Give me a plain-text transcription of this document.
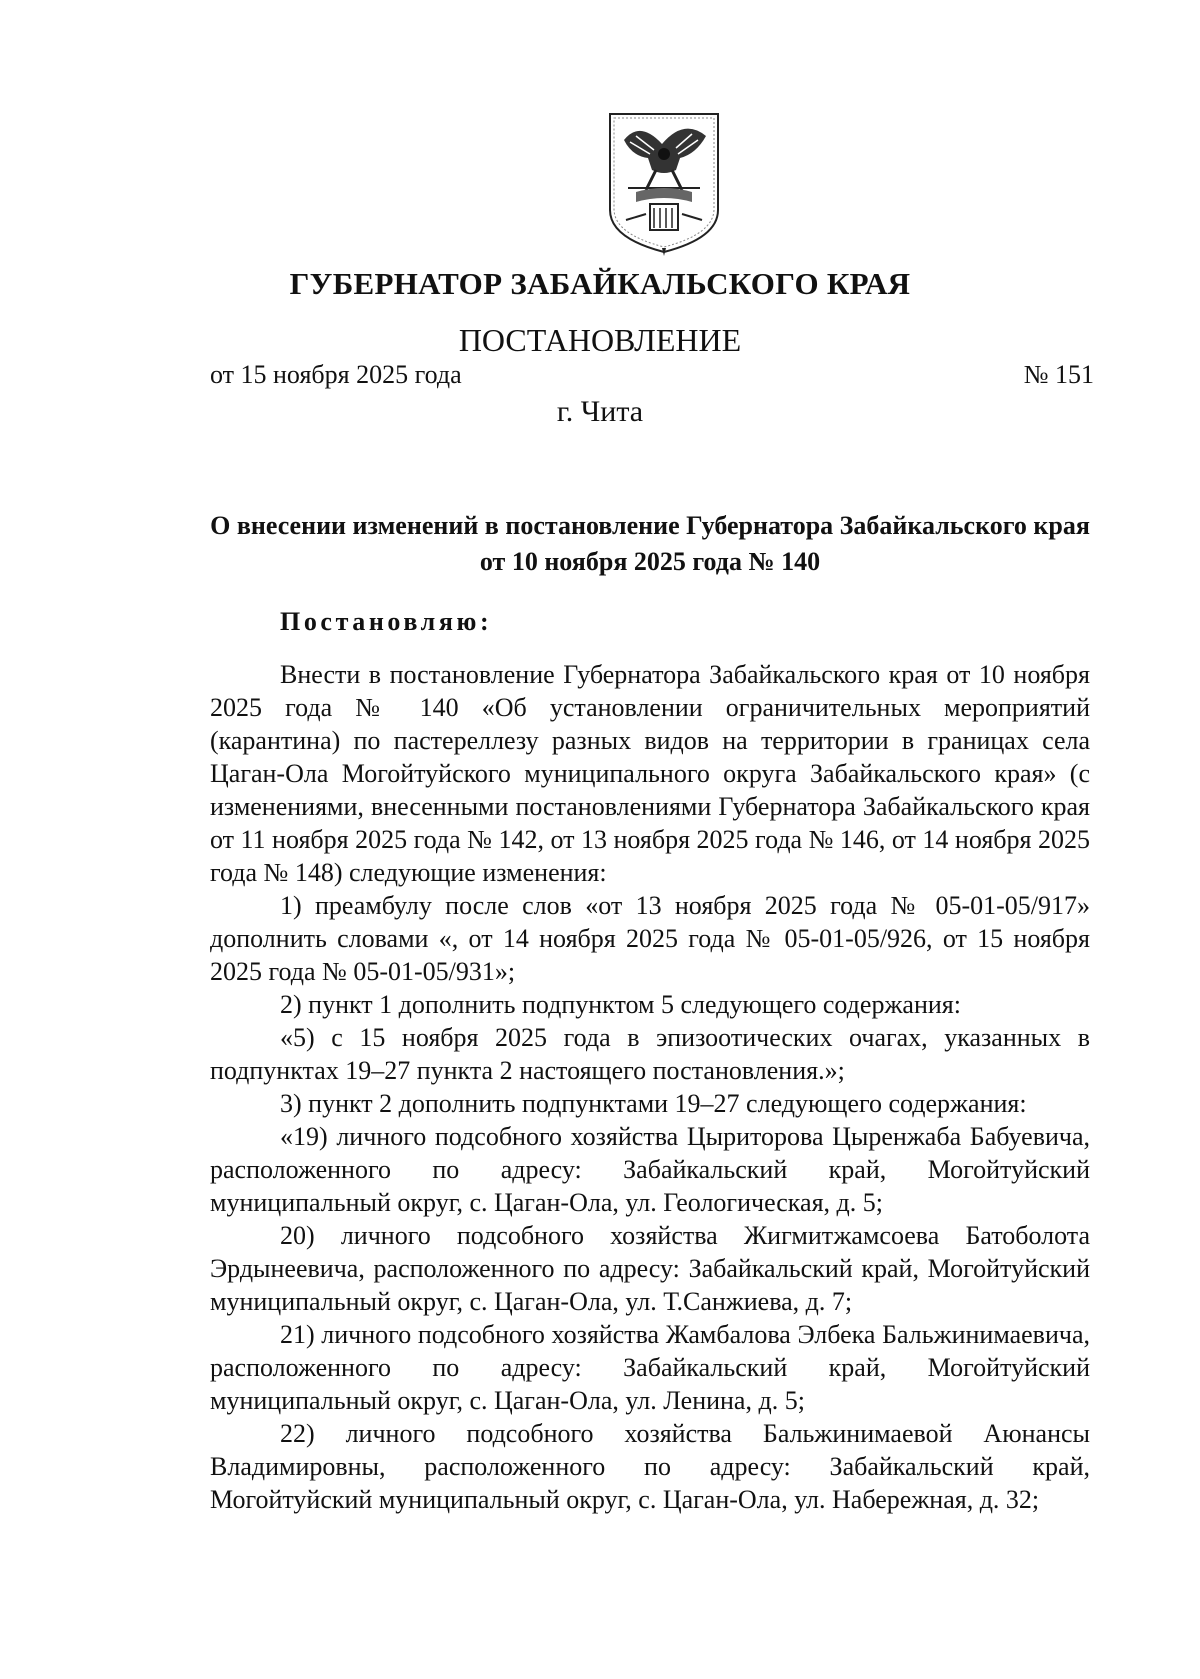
ГУБЕРНАТОР ЗАБАЙКАЛЬСКОГО КРАЯ
ПОСТАНОВЛЕНИЕ
от 15 ноября 2025 года	№ 151
г. Чита
О внесении изменений в постановление Губернатора Забайкальского края от 10 ноября 2025 года № 140
Постановляю:

Внести в постановление Губернатора Забайкальского края от 10 ноября 2025 года № 140 «Об установлении ограничительных мероприятий (карантина) по пастереллезу разных видов на территории в границах села Цаган-Ола Могойтуйского муниципального округа Забайкальского края» (с изменениями, внесенными постановлениями Губернатора Забайкальского края от 11 ноября 2025 года № 142, от 13 ноября 2025 года № 146, от 14 ноября 2025 года № 148) следующие изменения:

1) преамбулу после слов «от 13 ноября 2025 года № 05-01-05/917» дополнить словами «, от 14 ноября 2025 года № 05-01-05/926, от 15 ноября 2025 года № 05-01-05/931»;

2) пункт 1 дополнить подпунктом 5 следующего содержания:

«5) с 15 ноября 2025 года в эпизоотических очагах, указанных в подпунктах 19–27 пункта 2 настоящего постановления.»;

3) пункт 2 дополнить подпунктами 19–27 следующего содержания:

«19) личного подсобного хозяйства Цыриторова Цыренжаба Бабуевича, расположенного по адресу: Забайкальский край, Могойтуйский муниципальный округ, с. Цаган-Ола, ул. Геологическая, д. 5;

20) личного подсобного хозяйства Жигмитжамсоева Батоболота Эрдынеевича, расположенного по адресу: Забайкальский край, Могойтуйский муниципальный округ, с. Цаган-Ола, ул. Т.Санжиева, д. 7;

21) личного подсобного хозяйства Жамбалова Элбека Бальжинимаевича, расположенного по адресу: Забайкальский край, Могойтуйский муниципальный округ, с. Цаган-Ола, ул. Ленина, д. 5;

22) личного подсобного хозяйства Бальжинимаевой Аюнансы Владимировны, расположенного по адресу: Забайкальский край, Могойтуйский муниципальный округ, с. Цаган-Ола, ул. Набережная, д. 32;
